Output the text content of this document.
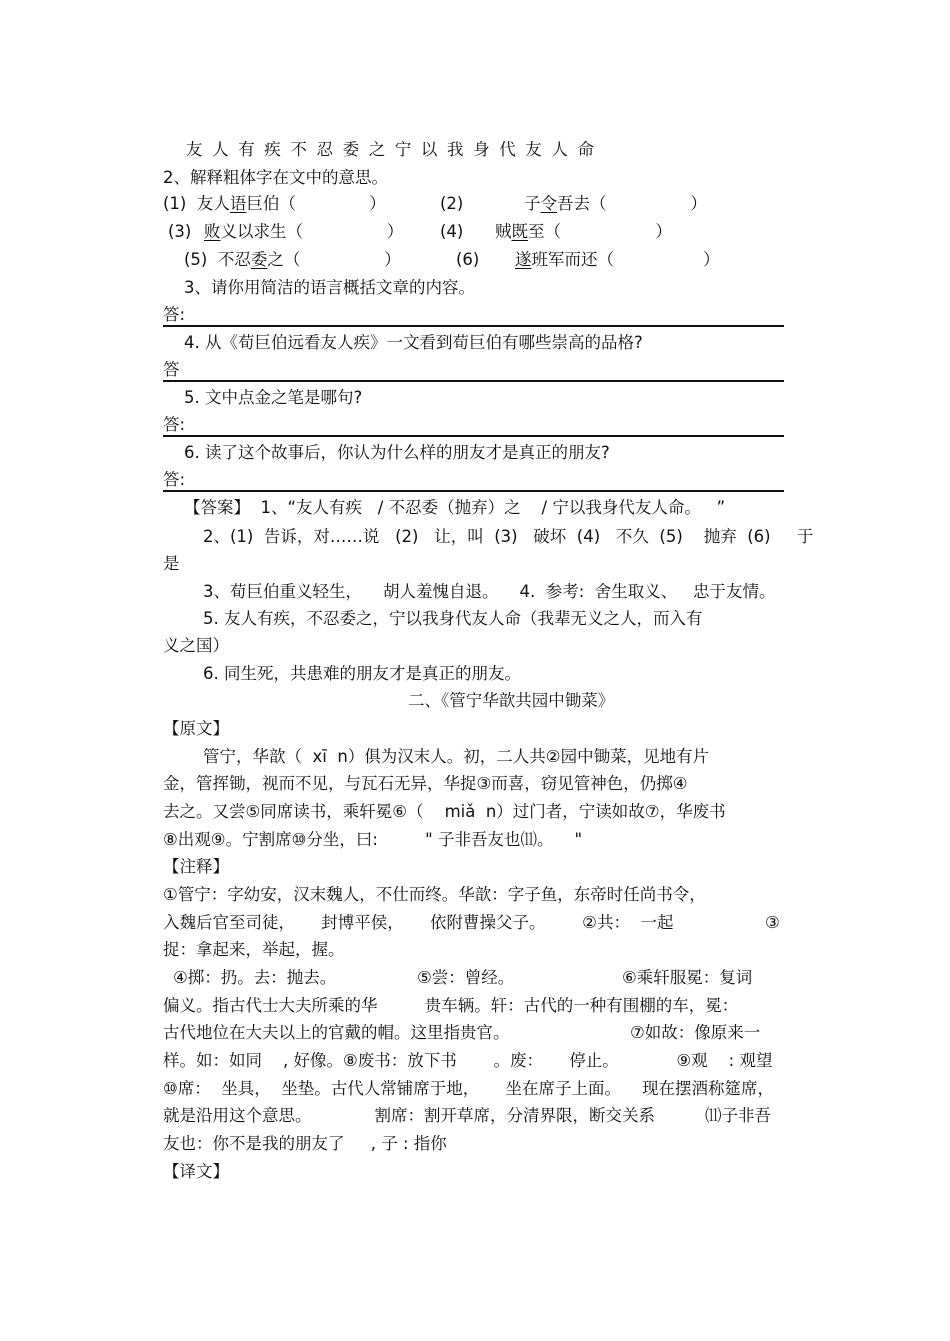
友人有疾不忍委之宁以我身代友人命
2、解释粗体字在文中的意思。
(1)  友人语巨伯（              ）	(2)	子令吾去（                ）
(3) 败义以求生（                ） (4) 贼既至（                  ）
(5)  不忍委之（                ）	(6) 遂班军而还（                 ）
3、请你用简洁的语言概括文章的内容。
答:
4. 从《荀巨伯远看友人疾》一文看到荀巨伯有哪些崇高的品格?
答
5. 文中点金之笔是哪句?
答:
6. 读了这个故事后，你认为什么样的朋友才是真正的朋友?
答:
【答案】  1、“友人有疾   / 不忍委（抛弃）之    / 宁以我身代友人命。   ”
2、(1)  告诉，对……说   (2)   让，叫  (3)   破坏  (4)   不久  (5)    抛弃  (6)     于
是
3、荀巨伯重义轻生，    胡人羞愧自退。    4.  参考:  舍生取义、   忠于友情。
5. 友人有疾，不忍委之，宁以我身代友人命（我辈无义之人，而入有
义之国）
6. 同生死，共患难的朋友才是真正的朋友。
二、《管宁华歆共园中锄菜》
【原文】
管宁，华歆（  xī  n）俱为汉末人。初，二人共②园中锄菜，见地有片
金，管挥锄，视而不见，与瓦石无异，华捉③而喜，窃见管神色，仍掷④
去之。又尝⑤同席读书，乘轩冕⑥（    miǎ  n）过门者，宁读如故⑦，华废书
⑧出观⑨。宁割席⑩分坐，曰:         " 子非吾友也⑾。    "
【注释】
①管宁：字幼安，汉末魏人，不仕而终。华歆：字子鱼，东帝时任尚书令，
入魏后官至司徒，     封博平侯，     依附曹操父子。       ②共：  一起	③
捉：拿起来，举起，握。
④掷：扔。去：抛去。	⑤尝：曾经。	⑥乘轩服冕：复词
偏义。指古代士大夫所乘的华         贵车辆。轩：古代的一种有围棚的车，冕：
古代地位在大夫以上的官戴的帽。这里指贵官。	⑦如故：像原来一
样。如：如同    , 好像。⑧废书：放下书       。废：     停止。           ⑨观    : 观望
⑩席：  坐具，  坐垫。古代人常铺席于地，     坐在席子上面。    现在摆酒称筵席，
就是沿用这个意思。            割席：割开草席，分清界限，断交关系	⑾子非吾
友也：你不是我的朋友了     , 子 : 指你
【译文】
